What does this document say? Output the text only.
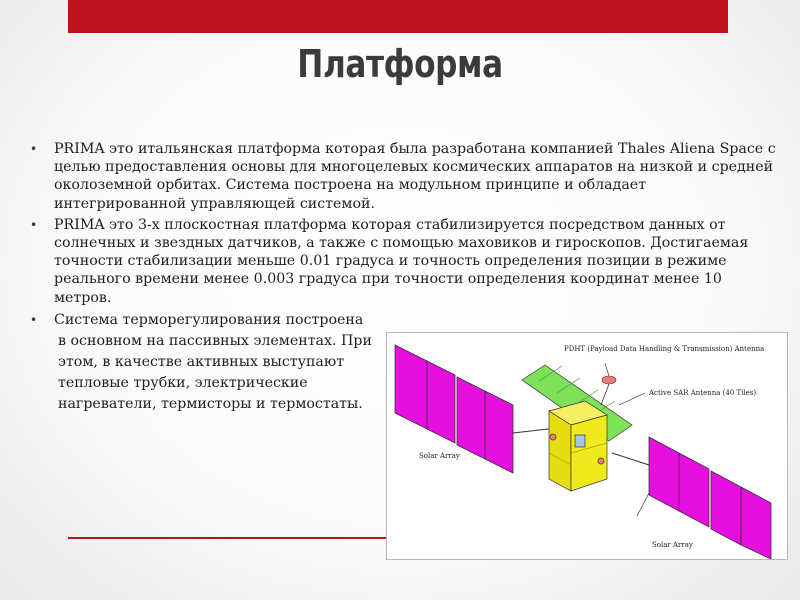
Платформа
• PRIMA это итальянская платформа которая была разработана компанией Thales Aliena Space с целью предоставления основы для многоцелевых космических аппаратов на низкой и средней околоземной орбитах. Система построена на модульном принципе и обладает интегрированной управляющей системой.
• PRIMA это 3-х плоскостная платформа которая стабилизируется посредством данных от солнечных и звездных датчиков, а также с помощью маховиков и гироскопов. Достигаемая точности стабилизации меньше 0.01 градуса и точность определения позиции в режиме реального времени менее 0.003 градуса при точности определения координат менее 10 метров.
• Система терморегулирования построена
в основном на пассивных элементах. При
этом, в качестве активных выступают
тепловые трубки, электрические
нагреватели, термисторы и термостаты.
PDHT (Payload Data Handling & Transmission) Antenna
Active SAR Antenna (40 Tiles)
Solar Array
Solar Array
